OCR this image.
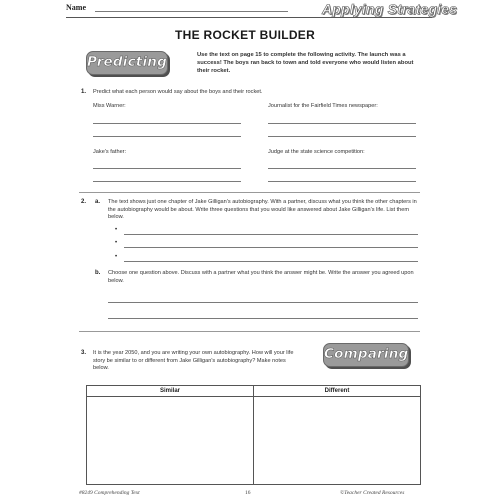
Name	Applying Strategies
THE ROCKET BUILDER
Predicting	Use the text on page 15 to complete the following activity. The launch was a success! The boys ran back to town and told everyone who would listen about their rocket.
1. Predict what each person would say about the boys and their rocket.
Miss Warner:	Journalist for the Fairfield Times newspaper:
Jake's father:	Judge at the state science competition:
2. a. The text shows just one chapter of Jake Gilligan's autobiography. With a partner, discuss what you think the other chapters in the autobiography would be about. Write three questions that you would like answered about Jake Gilligan's life. List them below.
•
•
•
b. Choose one question above. Discuss with a partner what you think the answer might be. Write the answer you agreed upon below.
3. It is the year 2050, and you are writing your own autobiography. How will your life story be similar to or different from Jake Gilligan's autobiography? Make notes below.
Comparing
Similar	Different

#8249 Comprehending Text	16	©Teacher Created Resources
